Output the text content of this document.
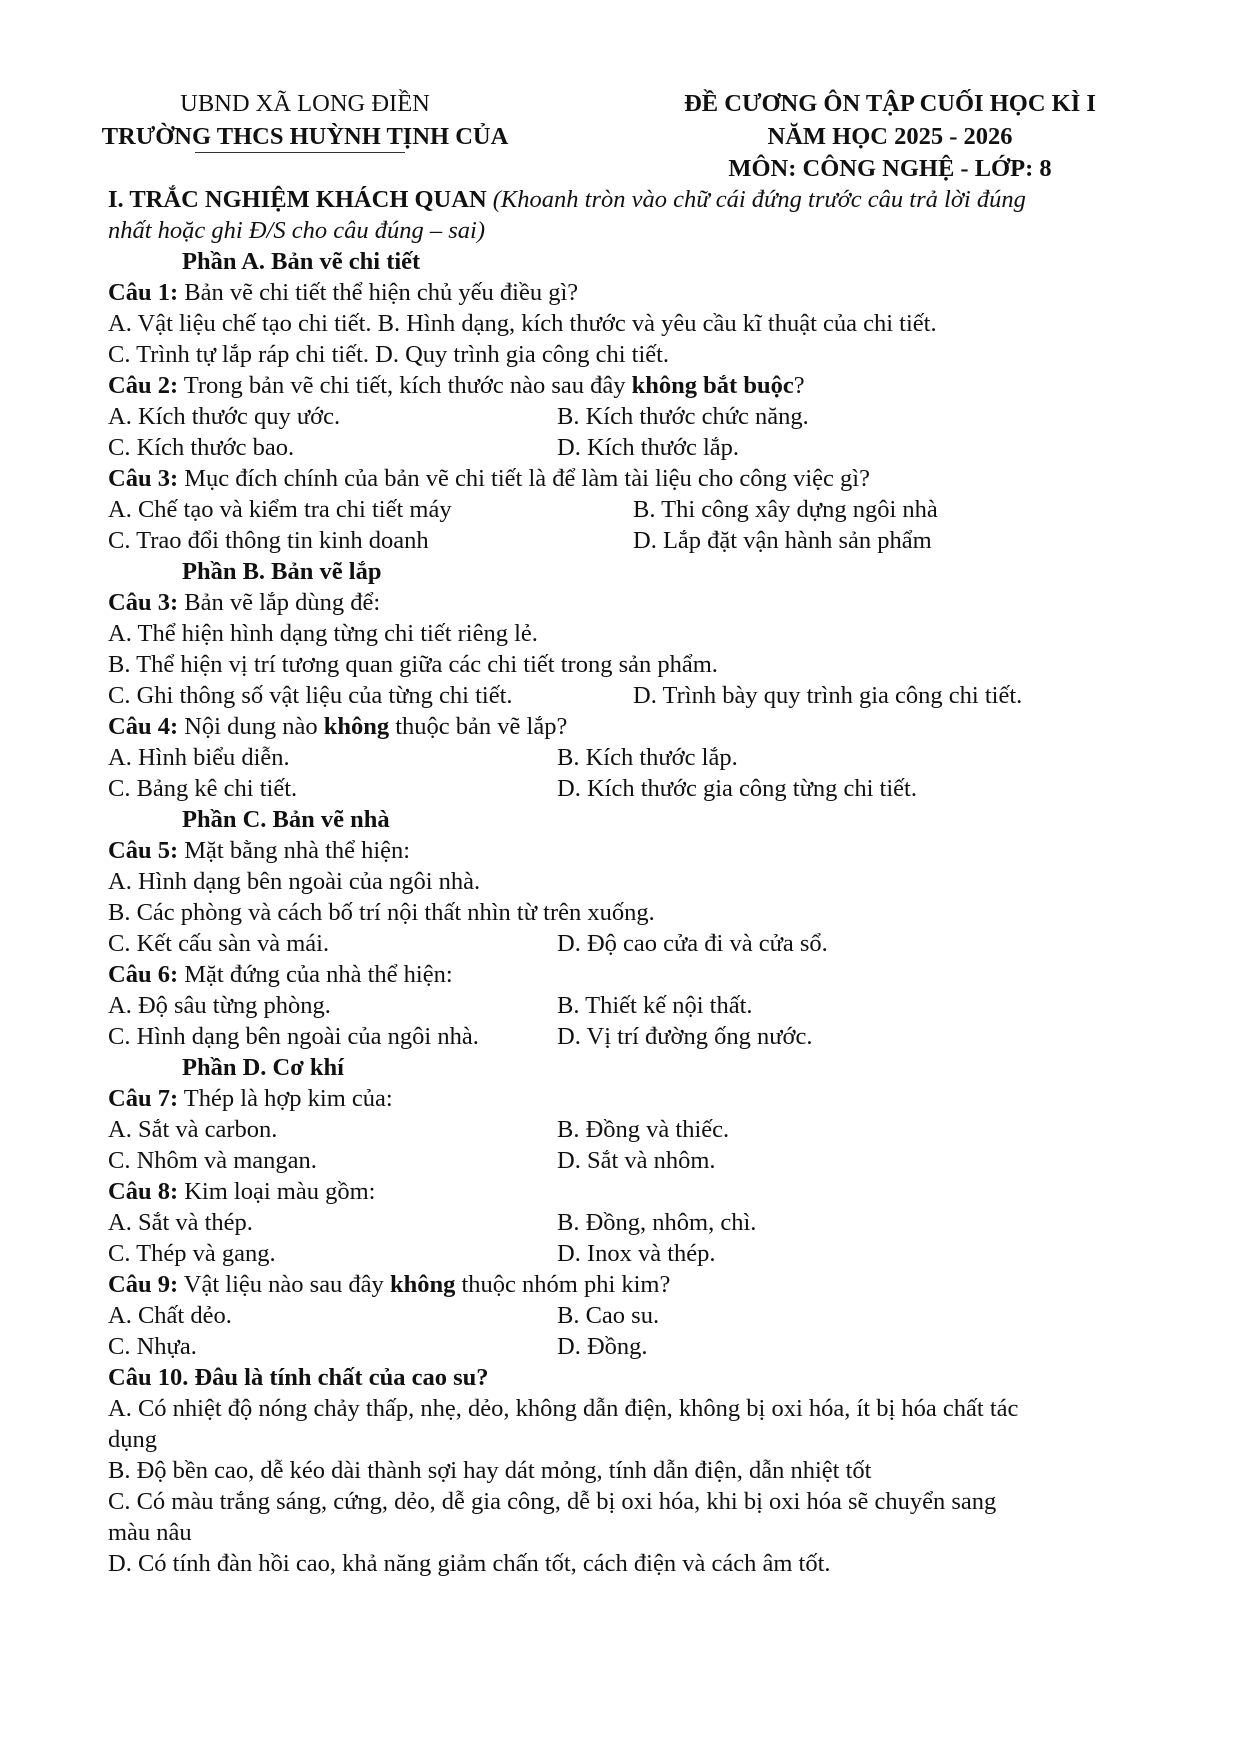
UBND XÃ LONG ĐIỀN
TRƯỜNG THCS HUỲNH TỊNH CỦA
ĐỀ CƯƠNG ÔN TẬP CUỐI HỌC KÌ I
NĂM HỌC 2025 - 2026
MÔN: CÔNG NGHỆ - LỚP: 8
I. TRẮC NGHIỆM KHÁCH QUAN (Khoanh tròn vào chữ cái đứng trước câu trả lời đúng
nhất hoặc ghi Đ/S cho câu đúng – sai)
Phần A. Bản vẽ chi tiết
Câu 1: Bản vẽ chi tiết thể hiện chủ yếu điều gì?
A. Vật liệu chế tạo chi tiết. B. Hình dạng, kích thước và yêu cầu kĩ thuật của chi tiết.
C. Trình tự lắp ráp chi tiết. D. Quy trình gia công chi tiết.
Câu 2: Trong bản vẽ chi tiết, kích thước nào sau đây không bắt buộc?
A. Kích thước quy ước.	B. Kích thước chức năng.
C. Kích thước bao.	D. Kích thước lắp.
Câu 3: Mục đích chính của bản vẽ chi tiết là để làm tài liệu cho công việc gì?
A. Chế tạo và kiểm tra chi tiết máy	B. Thi công xây dựng ngôi nhà
C. Trao đổi thông tin kinh doanh	D. Lắp đặt vận hành sản phẩm
Phần B. Bản vẽ lắp
Câu 3: Bản vẽ lắp dùng để:
A. Thể hiện hình dạng từng chi tiết riêng lẻ.
B. Thể hiện vị trí tương quan giữa các chi tiết trong sản phẩm.
C. Ghi thông số vật liệu của từng chi tiết.	D. Trình bày quy trình gia công chi tiết.
Câu 4: Nội dung nào không thuộc bản vẽ lắp?
A. Hình biểu diễn.	B. Kích thước lắp.
C. Bảng kê chi tiết.	D. Kích thước gia công từng chi tiết.
Phần C. Bản vẽ nhà
Câu 5: Mặt bằng nhà thể hiện:
A. Hình dạng bên ngoài của ngôi nhà.
B. Các phòng và cách bố trí nội thất nhìn từ trên xuống.
C. Kết cấu sàn và mái.	D. Độ cao cửa đi và cửa sổ.
Câu 6: Mặt đứng của nhà thể hiện:
A. Độ sâu từng phòng.	B. Thiết kế nội thất.
C. Hình dạng bên ngoài của ngôi nhà.	D. Vị trí đường ống nước.
Phần D. Cơ khí
Câu 7: Thép là hợp kim của:
A. Sắt và carbon.	B. Đồng và thiếc.
C. Nhôm và mangan.	D. Sắt và nhôm.
Câu 8: Kim loại màu gồm:
A. Sắt và thép.	B. Đồng, nhôm, chì.
C. Thép và gang.	D. Inox và thép.
Câu 9: Vật liệu nào sau đây không thuộc nhóm phi kim?
A. Chất dẻo.	B. Cao su.
C. Nhựa.	D. Đồng.
Câu 10. Đâu là tính chất của cao su?
A. Có nhiệt độ nóng chảy thấp, nhẹ, dẻo, không dẫn điện, không bị oxi hóa, ít bị hóa chất tác
dụng
B. Độ bền cao, dễ kéo dài thành sợi hay dát mỏng, tính dẫn điện, dẫn nhiệt tốt
C. Có màu trắng sáng, cứng, dẻo, dễ gia công, dễ bị oxi hóa, khi bị oxi hóa sẽ chuyển sang
màu nâu
D. Có tính đàn hồi cao, khả năng giảm chấn tốt, cách điện và cách âm tốt.
